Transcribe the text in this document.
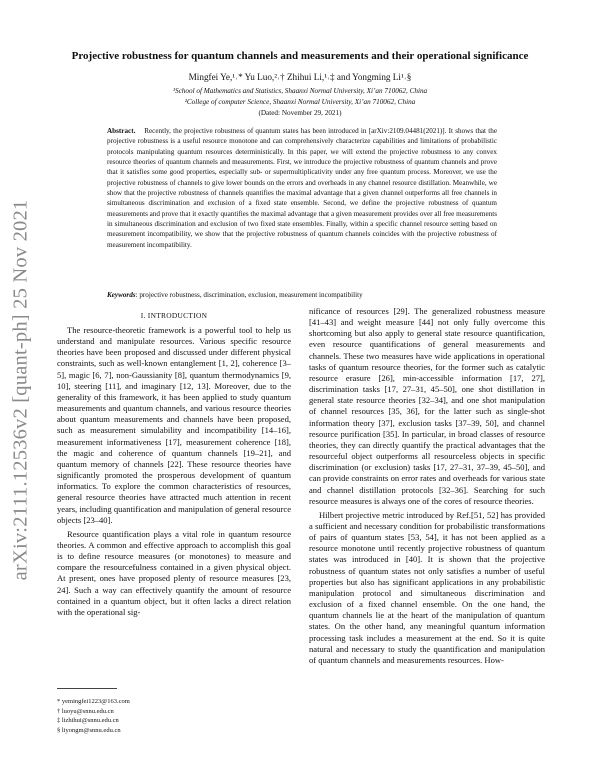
arXiv:2111.12536v2 [quant-ph] 25 Nov 2021
Projective robustness for quantum channels and measurements and their operational significance
Mingfei Ye,¹˒* Yu Luo,²˒† Zhihui Li,¹˒‡ and Yongming Li¹˒§
¹School of Mathematics and Statistics, Shaanxi Normal University, Xi’an 710062, China
²College of computer Science, Shaanxi Normal University, Xi’an 710062, China
(Dated: November 29, 2021)
Abstract. Recently, the projective robustness of quantum states has been introduced in [arXiv:2109.04481(2021)]. It shows that the projective robustness is a useful resource monotone and can comprehensively characterize capabilities and limitations of probabilistic protocols manipulating quantum resources deterministically. In this paper, we will extend the projective robustness to any convex resource theories of quantum channels and measurements. First, we introduce the projective robustness of quantum channels and prove that it satisfies some good properties, especially sub- or supermultiplicativity under any free quantum process. Moreover, we use the projective robustness of channels to give lower bounds on the errors and overheads in any channel resource distillation. Meanwhile, we show that the projective robustness of channels quantifies the maximal advantage that a given channel outperforms all free channels in simultaneous discrimination and exclusion of a fixed state ensemble. Second, we define the projective robustness of quantum measurements and prove that it exactly quantifies the maximal advantage that a given measurement provides over all free measurements in simultaneous discrimination and exclusion of two fixed state ensembles. Finally, within a specific channel resource setting based on measurement incompatibility, we show that the projective robustness of quantum channels coincides with the projective robustness of measurement incompatibility.
Keywords: projective robustness, discrimination, exclusion, measurement incompatibility
I. INTRODUCTION

The resource-theoretic framework is a powerful tool to help us understand and manipulate resources. Various specific resource theories have been proposed and discussed under different physical constraints, such as well-known entanglement [1, 2], coherence [3–5], magic [6, 7], non-Gaussianity [8], quantum thermodynamics [9, 10], steering [11], and imaginary [12, 13]. Moreover, due to the generality of this framework, it has been applied to study quantum measurements and quantum channels, and various resource theories about quantum measurements and channels have been proposed, such as measurement simulability and incompatibility [14–16], measurement informativeness [17], measurement coherence [18], the magic and coherence of quantum channels [19–21], and quantum memory of channels [22]. These resource theories have significantly promoted the prosperous development of quantum informatics. To explore the common characteristics of resources, general resource theories have attracted much attention in recent years, including quantification and manipulation of general resource objects [23–40].

Resource quantification plays a vital role in quantum resource theories. A common and effective approach to accomplish this goal is to define resource measures (or monotones) to measure and compare the resourcefulness contained in a given physical object. At present, ones have proposed plenty of resource measures [23, 24]. Such a way can effectively quantify the amount of resource contained in a quantum object, but it often lacks a direct relation with the operational sig-

nificance of resources [29]. The generalized robustness measure [41–43] and weight measure [44] not only fully overcome this shortcoming but also apply to general state resource quantification, even resource quantifications of general measurements and channels. These two measures have wide applications in operational tasks of quantum resource theories, for the former such as catalytic resource erasure [26], min-accessible information [17, 27], discrimination tasks [17, 27–31, 45–50], one shot distillation in general state resource theories [32–34], and one shot manipulation of channel resources [35, 36], for the latter such as single-shot information theory [37], exclusion tasks [37–39, 50], and channel resource purification [35]. In particular, in broad classes of resource theories, they can directly quantify the practical advantages that the resourceful object outperforms all resourceless objects in specific discrimination (or exclusion) tasks [17, 27–31, 37–39, 45–50], and can provide constraints on error rates and overheads for various state and channel distillation protocols [32–36]. Searching for such resource measures is always one of the cores of resource theories.

Hilbert projective metric introduced by Ref.[51, 52] has provided a sufficient and necessary condition for probabilistic transformations of pairs of quantum states [53, 54], it has not been applied as a resource monotone until recently projective robustness of quantum states was introduced in [40]. It is shown that the projective robustness of quantum states not only satisfies a number of useful properties but also has significant applications in any probabilistic manipulation protocol and simultaneous discrimination and exclusion of a fixed channel ensemble. On the one hand, the quantum channels lie at the heart of the manipulation of quantum states. On the other hand, any meaningful quantum information processing task includes a measurement at the end. So it is quite natural and necessary to study the quantification and manipulation of quantum channels and measurements resources. How-

* yemingfei1223@163.com
† luoyu@snnu.edu.cn
‡ lizhihui@snnu.edu.cn
§ liyongm@snnu.edu.cn
